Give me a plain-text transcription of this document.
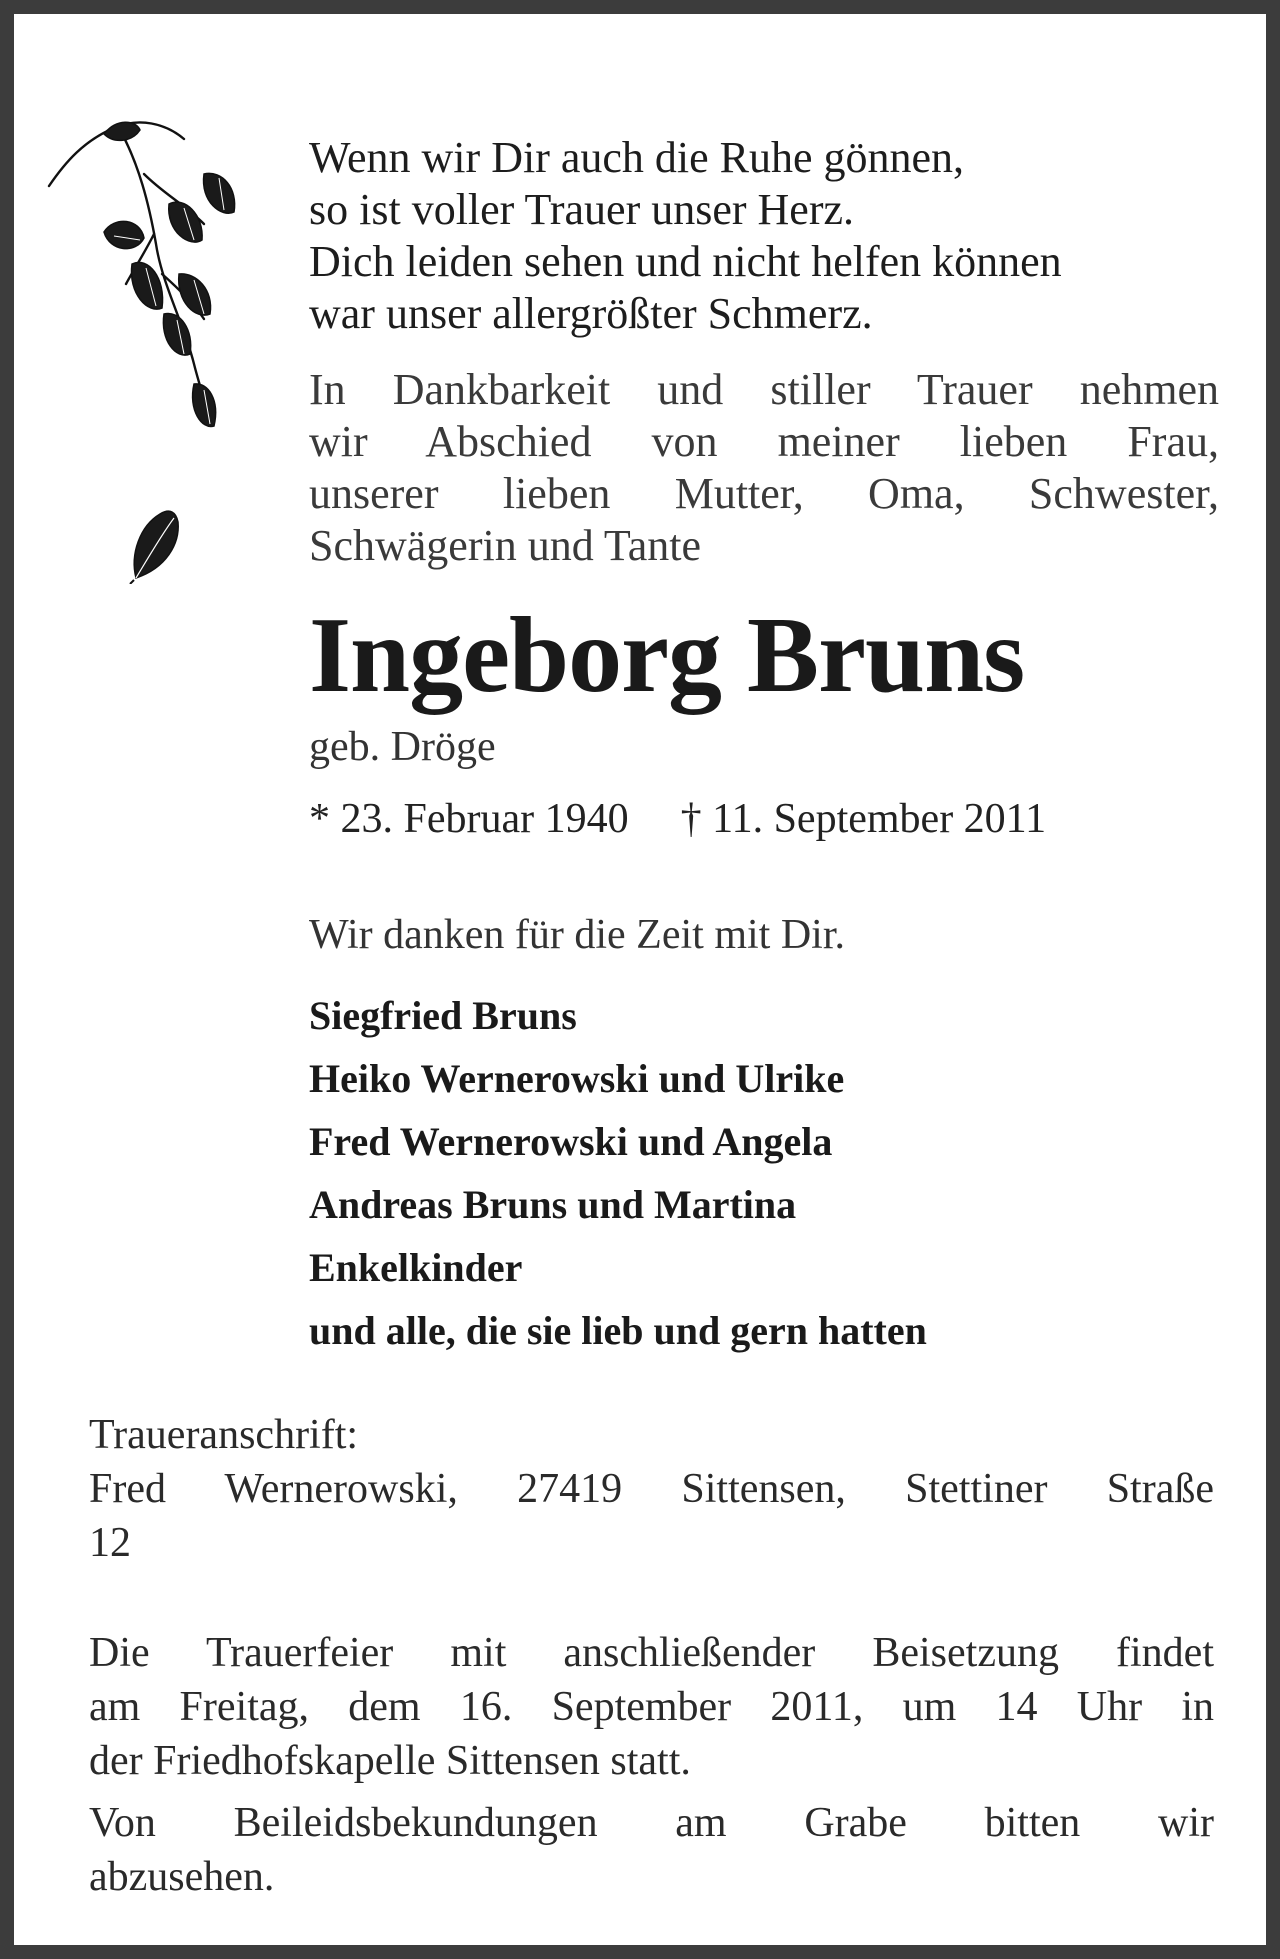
Wenn wir Dir auch die Ruhe gönnen,
so ist voller Trauer unser Herz.
Dich leiden sehen und nicht helfen können
war unser allergrößter Schmerz.
In Dankbarkeit und stiller Trauer nehmen
wir Abschied von meiner lieben Frau,
unserer lieben Mutter, Oma, Schwester,
Schwägerin und Tante
Ingeborg Bruns
geb. Dröge
* 23. Februar 1940 † 11. September 2011
Wir danken für die Zeit mit Dir.
Siegfried Bruns
Heiko Wernerowski und Ulrike
Fred Wernerowski und Angela
Andreas Bruns und Martina
Enkelkinder
und alle, die sie lieb und gern hatten
Traueranschrift:
Fred Wernerowski, 27419 Sittensen, Stettiner Straße
12
Die Trauerfeier mit anschließender Beisetzung findet
am Freitag, dem 16. September 2011, um 14 Uhr in
der Friedhofskapelle Sittensen statt.
Von Beileidsbekundungen am Grabe bitten wir
abzusehen.
